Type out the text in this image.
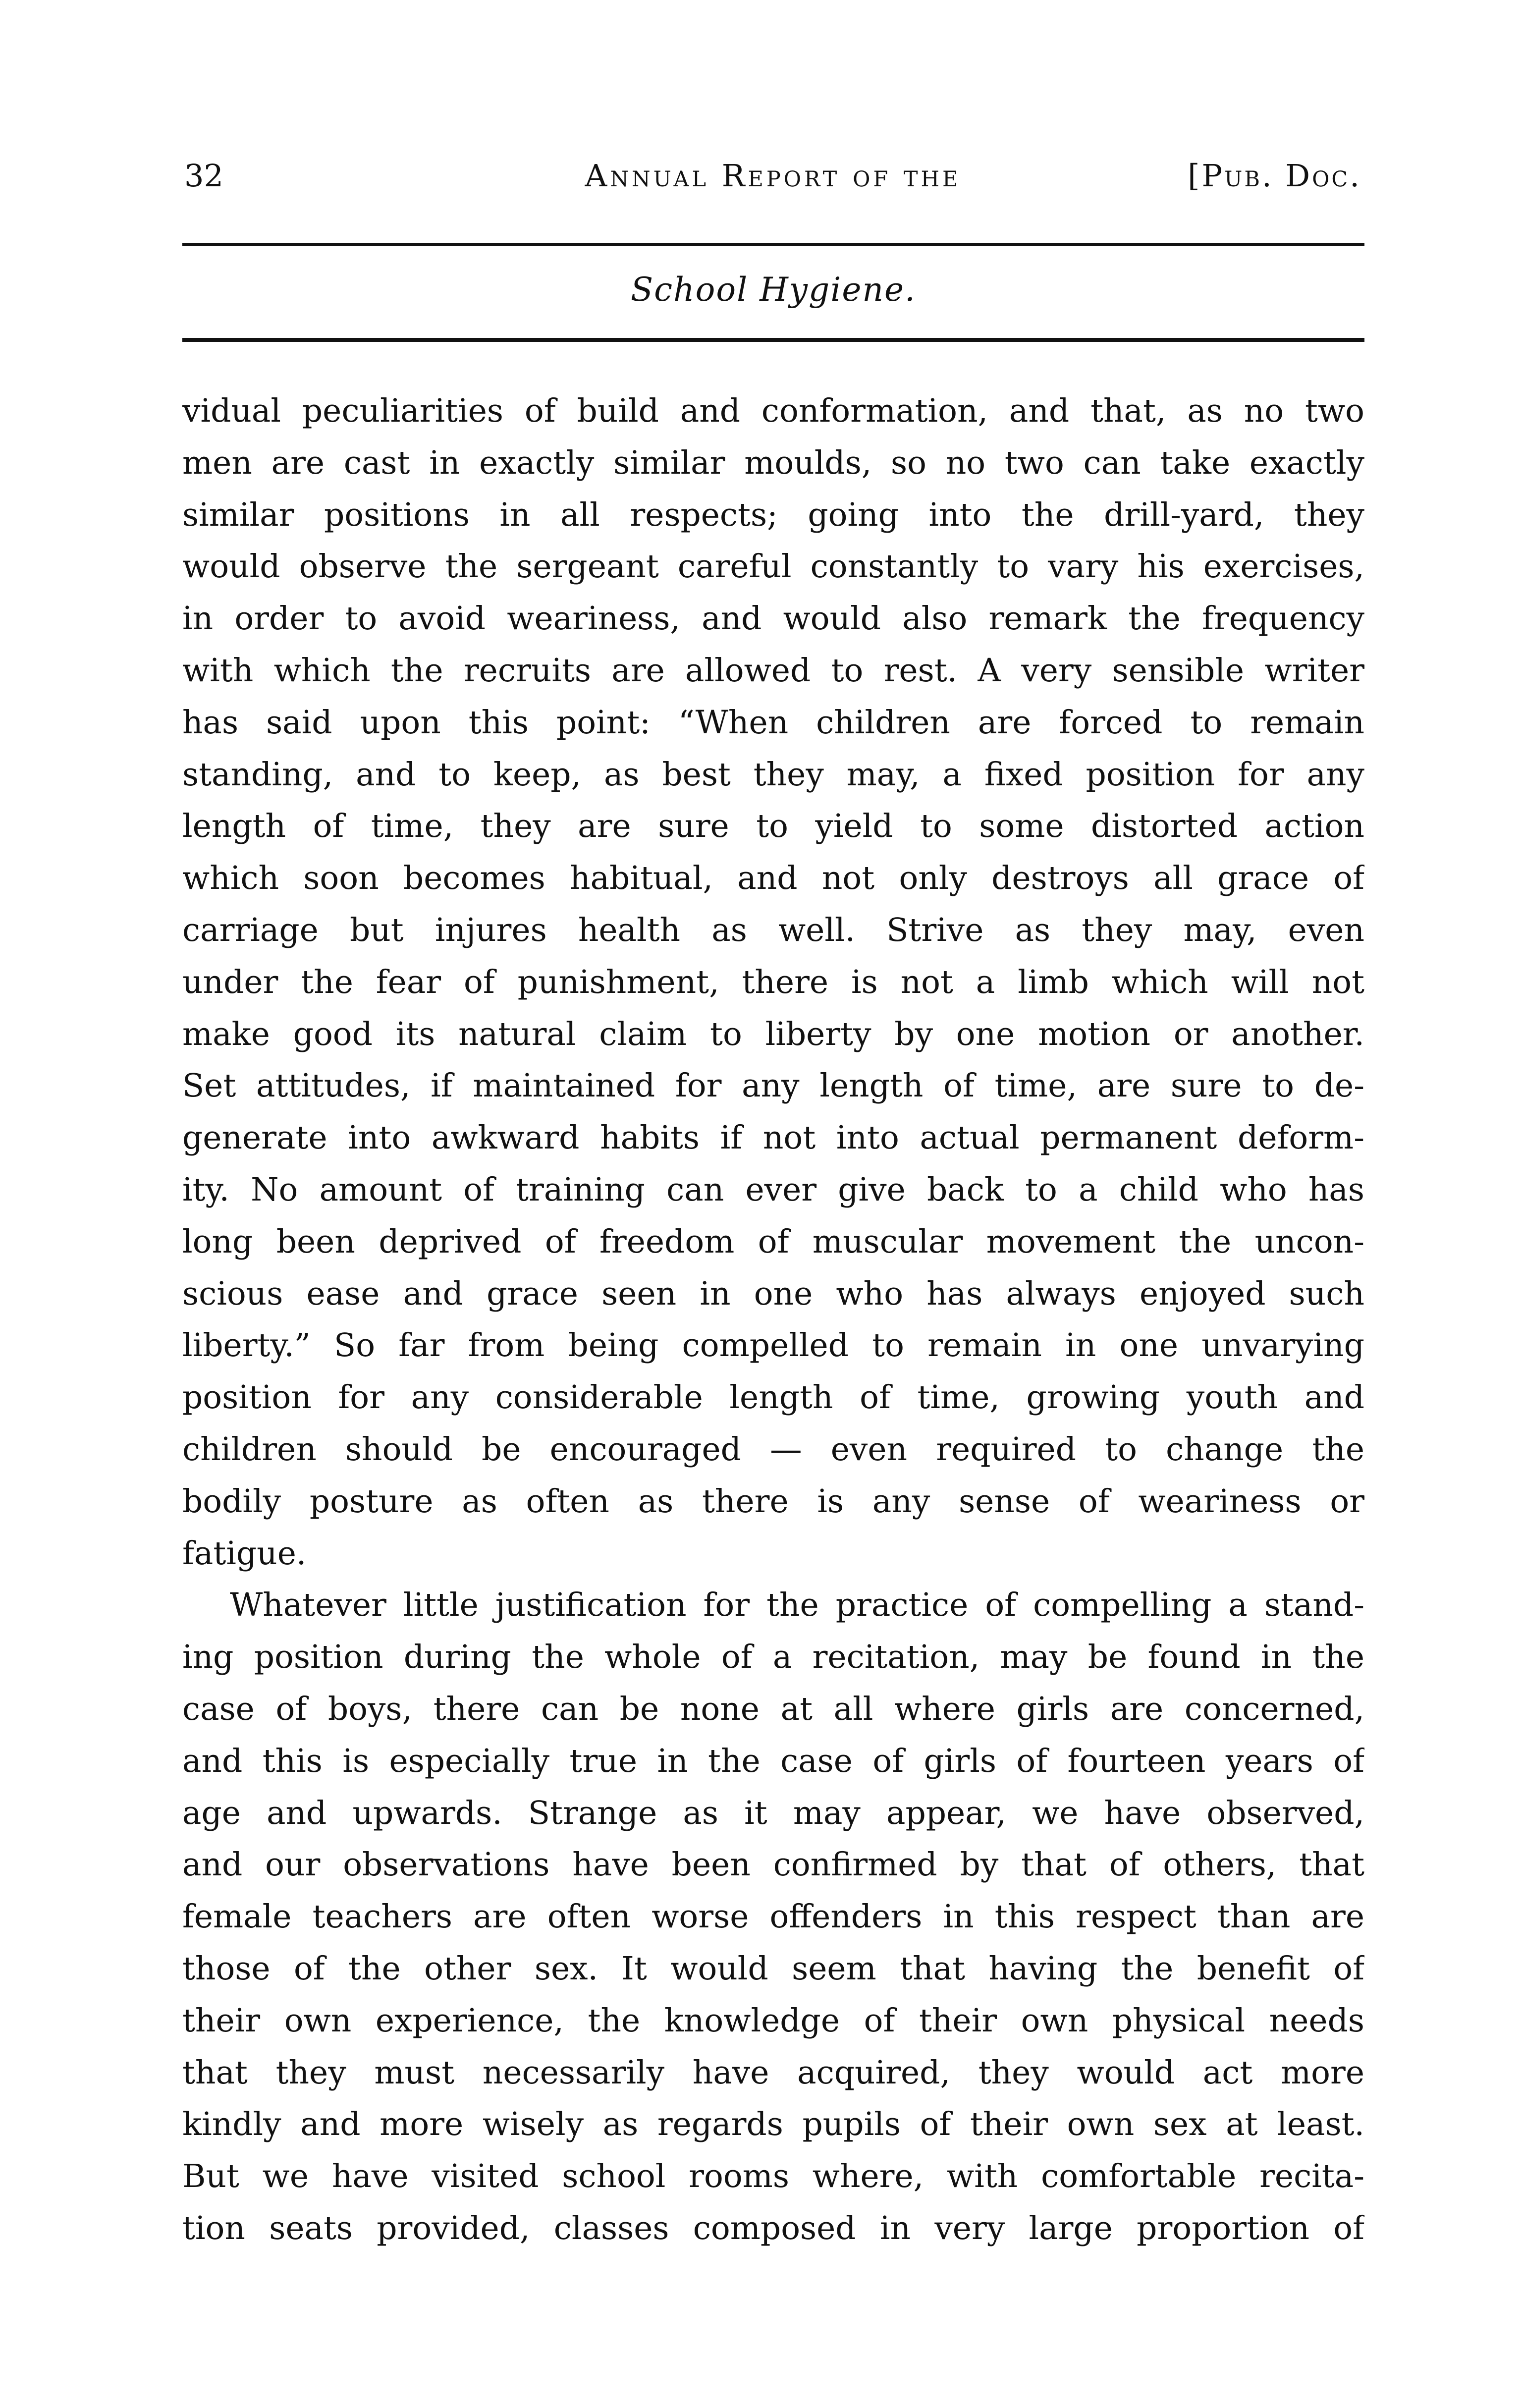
32	Annual Report of the	[Pub. Doc.
School Hygiene.
vidual peculiarities of build and conformation, and that, as no two
men are cast in exactly similar moulds, so no two can take exactly
similar positions in all respects; going into the drill-yard, they
would observe the sergeant careful constantly to vary his exercises,
in order to avoid weariness, and would also remark the frequency
with which the recruits are allowed to rest. A very sensible writer
has said upon this point: “When children are forced to remain
standing, and to keep, as best they may, a fixed position for any
length of time, they are sure to yield to some distorted action
which soon becomes habitual, and not only destroys all grace of
carriage but injures health as well. Strive as they may, even
under the fear of punishment, there is not a limb which will not
make good its natural claim to liberty by one motion or another.
Set attitudes, if maintained for any length of time, are sure to de-
generate into awkward habits if not into actual permanent deform-
ity. No amount of training can ever give back to a child who has
long been deprived of freedom of muscular movement the uncon-
scious ease and grace seen in one who has always enjoyed such
liberty.” So far from being compelled to remain in one unvarying
position for any considerable length of time, growing youth and
children should be encouraged — even required to change the
bodily posture as often as there is any sense of weariness or
fatigue.
Whatever little justification for the practice of compelling a stand-
ing position during the whole of a recitation, may be found in the
case of boys, there can be none at all where girls are concerned,
and this is especially true in the case of girls of fourteen years of
age and upwards. Strange as it may appear, we have observed,
and our observations have been confirmed by that of others, that
female teachers are often worse offenders in this respect than are
those of the other sex. It would seem that having the benefit of
their own experience, the knowledge of their own physical needs
that they must necessarily have acquired, they would act more
kindly and more wisely as regards pupils of their own sex at least.
But we have visited school rooms where, with comfortable recita-
tion seats provided, classes composed in very large proportion of
